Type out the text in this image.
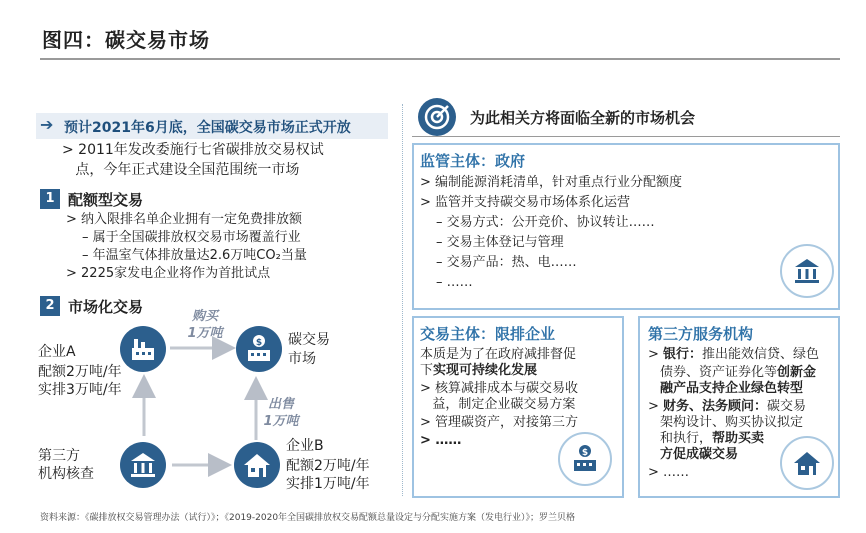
图四：碳交易市场
➔ 预计2021年6月底，全国碳交易市场正式开放
> 2011年发改委施行七省碳排放交易权试
点，今年正式建设全国范围统一市场
1 配额型交易
> 纳入限排名单企业拥有一定免费排放额
– 属于全国碳排放权交易市场覆盖行业
– 年温室气体排放量达2.6万吨CO₂当量
> 2225家发电企业将作为首批试点
2 市场化交易
企业A
配额2万吨/年
实排3万吨/年
$ 碳交易
市场
购买
1万吨
出售
1万吨
第三方
机构核查
企业B
配额2万吨/年
实排1万吨/年
为此相关方将面临全新的市场机会
监管主体：政府
> 编制能源消耗清单，针对重点行业分配额度
> 监管并支持碳交易市场体系化运营
– 交易方式：公开竞价、协议转让……
– 交易主体登记与管理
– 交易产品：热、电……
– ……
交易主体：限排企业
本质是为了在政府减排督促
下实现可持续化发展
> 核算减排成本与碳交易收
益，制定企业碳交易方案
> 管理碳资产，对接第三方
> ……
$
第三方服务机构
> 银行：推出能效信贷、绿色
债券、资产证券化等创新金
融产品支持企业绿色转型
> 财务、法务顾问：碳交易
架构设计、购买协议拟定
和执行，帮助买卖
方促成碳交易
> ……
资料来源：《碳排放权交易管理办法（试行）》；《2019-2020年全国碳排放权交易配额总量设定与分配实施方案（发电行业）》；罗兰贝格
